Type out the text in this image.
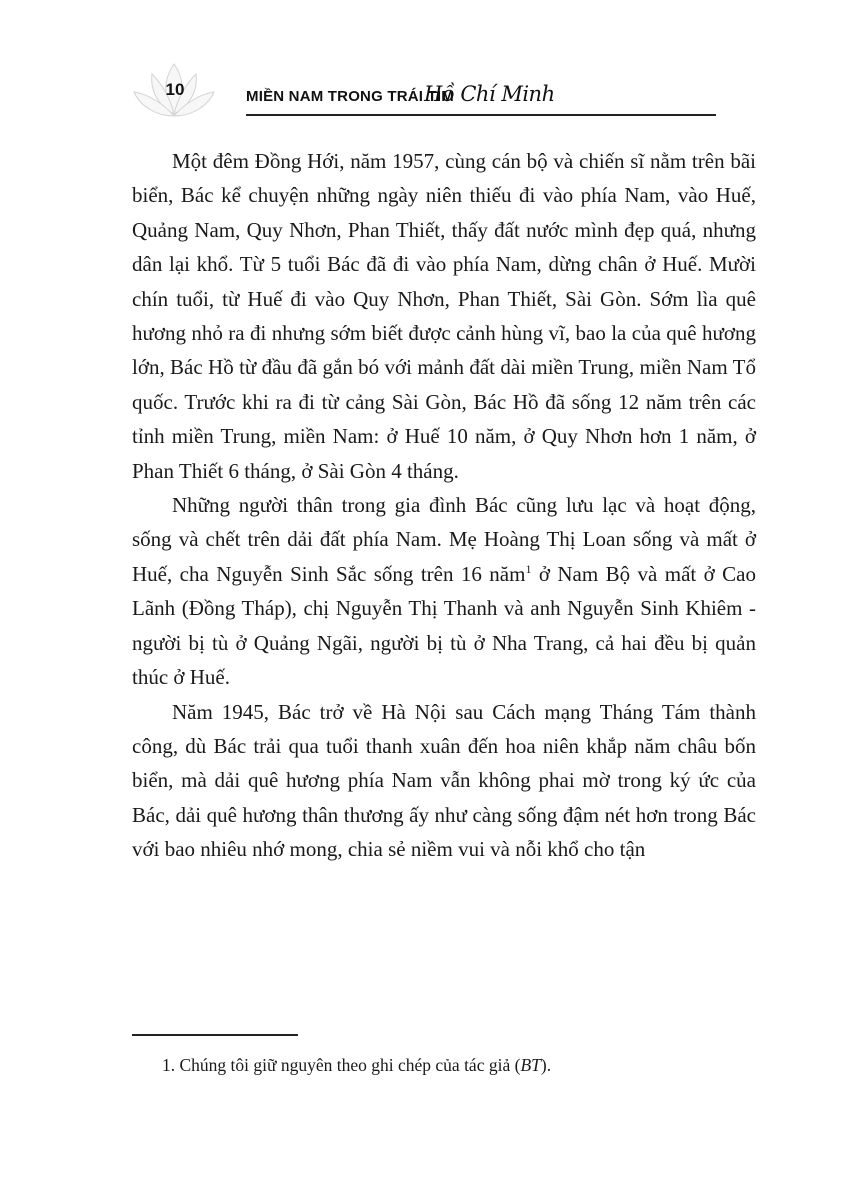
10	MIỀN NAM TRONG TRÁI TIM
Hồ Chí Minh

Một đêm Đồng Hới, năm 1957, cùng cán bộ và chiến sĩ nằm trên bãi biển, Bác kể chuyện những ngày niên thiếu đi vào phía Nam, vào Huế, Quảng Nam, Quy Nhơn, Phan Thiết, thấy đất nước mình đẹp quá, nhưng dân lại khổ. Từ 5 tuổi Bác đã đi vào phía Nam, dừng chân ở Huế. Mười chín tuổi, từ Huế đi vào Quy Nhơn, Phan Thiết, Sài Gòn. Sớm lìa quê hương nhỏ ra đi nhưng sớm biết được cảnh hùng vĩ, bao la của quê hương lớn, Bác Hồ từ đầu đã gắn bó với mảnh đất dài miền Trung, miền Nam Tổ quốc. Trước khi ra đi từ cảng Sài Gòn, Bác Hồ đã sống 12 năm trên các tỉnh miền Trung, miền Nam: ở Huế 10 năm, ở Quy Nhơn hơn 1 năm, ở Phan Thiết 6 tháng, ở Sài Gòn 4 tháng.

Những người thân trong gia đình Bác cũng lưu lạc và hoạt động, sống và chết trên dải đất phía Nam. Mẹ Hoàng Thị Loan sống và mất ở Huế, cha Nguyễn Sinh Sắc sống trên 16 năm$^1$ ở Nam Bộ và mất ở Cao Lãnh (Đồng Tháp), chị Nguyễn Thị Thanh và anh Nguyễn Sinh Khiêm - người bị tù ở Quảng Ngãi, người bị tù ở Nha Trang, cả hai đều bị quản thúc ở Huế.

Năm 1945, Bác trở về Hà Nội sau Cách mạng Tháng Tám thành công, dù Bác trải qua tuổi thanh xuân đến hoa niên khắp năm châu bốn biển, mà dải quê hương phía Nam vẫn không phai mờ trong ký ức của Bác, dải quê hương thân thương ấy như càng sống đậm nét hơn trong Bác với bao nhiêu nhớ mong, chia sẻ niềm vui và nỗi khổ cho tận

1. Chúng tôi giữ nguyên theo ghi chép của tác giả (BT).
